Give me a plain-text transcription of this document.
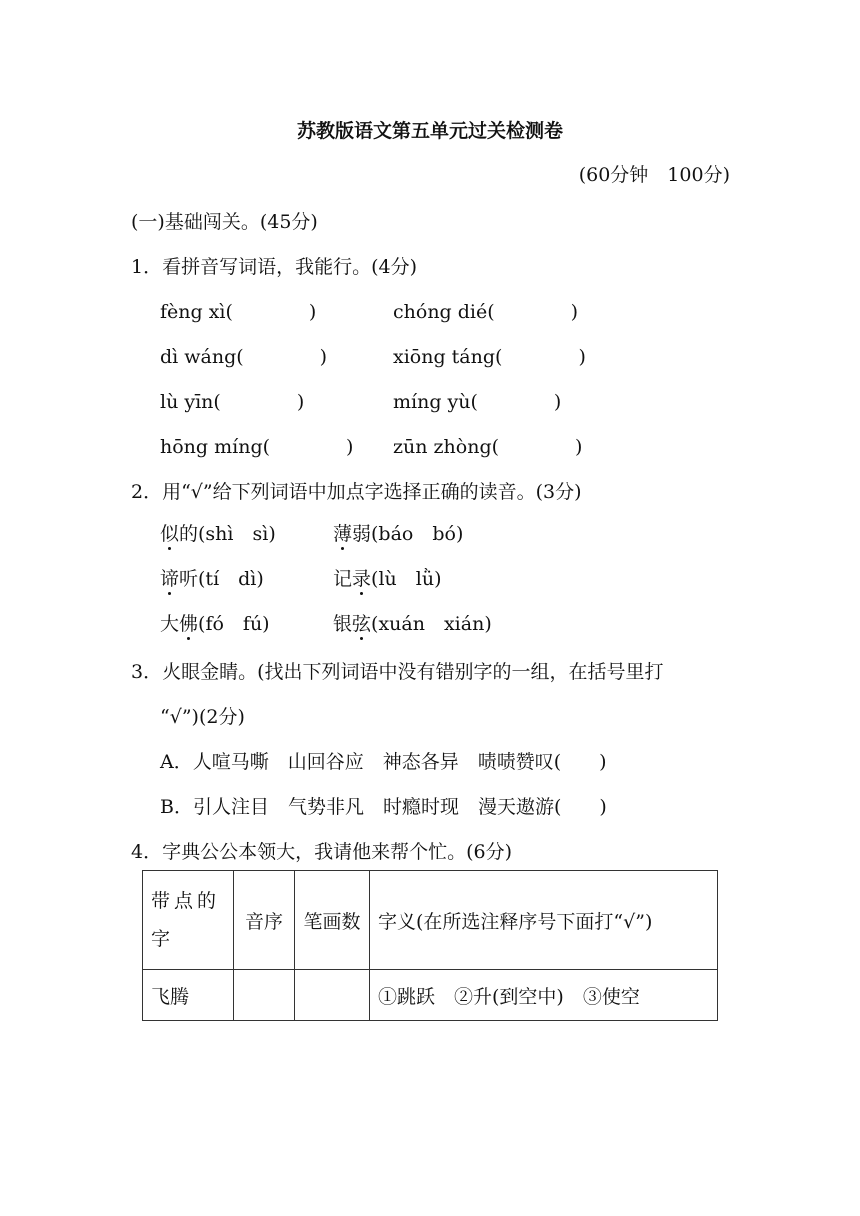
苏教版语文第五单元过关检测卷
(60分钟　100分)
(一)基础闯关。(45分)
1．看拼音写词语，我能行。(4分)
fèng xì(　　　　)	chóng dié(　　　　)
dì wáng(　　　　)	xiōng táng(　　　　)
lù yīn(　　　　)	míng yù(　　　　)
hōng míng(　　　　) zūn zhòng(　　　　)
2．用“√”给下列词语中加点字选择正确的读音。(3分)
似的(shì　sì)	薄弱(báo　bó)
谛听(tí　dì)	记录(lù　lǜ)
大佛(fó　fú)	银弦(xuán　xián)
3．火眼金睛。(找出下列词语中没有错别字的一组，在括号里打
“√”)(2分)
A．人喧马嘶　山回谷应　神态各异　啧啧赞叹(　　)
B．引人注目　气势非凡　时瘾时现　漫天遨游(　　)
4．字典公公本领大，我请他来帮个忙。(6分)
带点的字	音序	笔画数	字义(在所选注释序号下面打“√”)
飞腾			①跳跃　②升(到空中)　③使空
